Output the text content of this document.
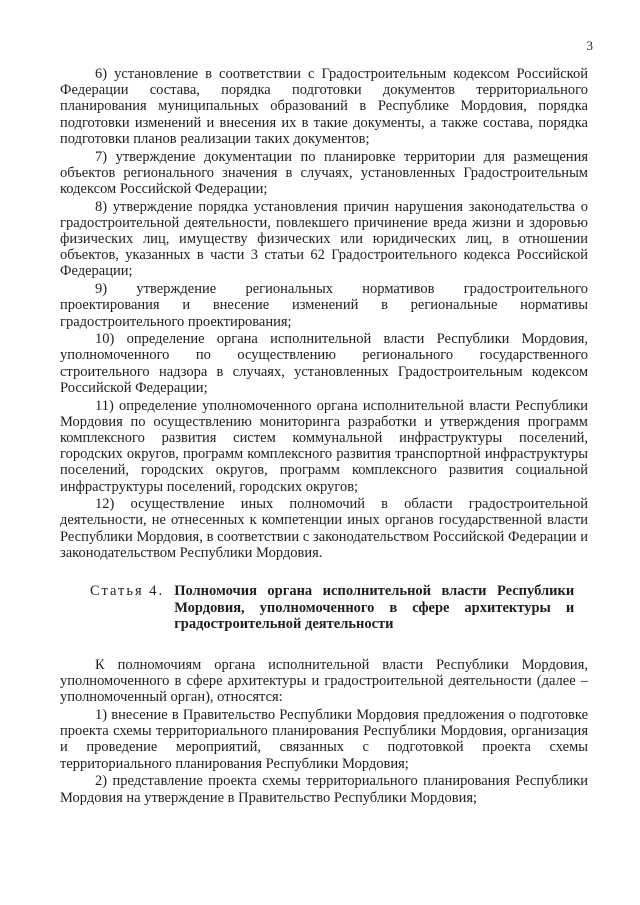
3

6) установление в соответствии с Градостроительным кодексом Российской Федерации состава, порядка подготовки документов территориального планирования муниципальных образований в Республике Мордовия, порядка подготовки изменений и внесения их в такие документы, а также состава, порядка подготовки планов реализации таких документов;

7) утверждение документации по планировке территории для размещения объектов регионального значения в случаях, установленных Градостроительным кодексом Российской Федерации;

8) утверждение порядка установления причин нарушения законодательства о градостроительной деятельности, повлекшего причинение вреда жизни и здоровью физических лиц, имуществу физических или юридических лиц, в отношении объектов, указанных в части 3 статьи 62 Градостроительного кодекса Российской Федерации;

9) утверждение региональных нормативов градостроительного проектирования и внесение изменений в региональные нормативы градостроительного проектирования;

10) определение органа исполнительной власти Республики Мордовия, уполномоченного по осуществлению регионального государственного строительного надзора в случаях, установленных Градостроительным кодексом Российской Федерации;

11) определение уполномоченного органа исполнительной власти Республики Мордовия по осуществлению мониторинга разработки и утверждения программ комплексного развития систем коммунальной инфраструктуры поселений, городских округов, программ комплексного развития транспортной инфраструктуры поселений, городских округов, программ комплексного развития социальной инфраструктуры поселений, городских округов;

12) осуществление иных полномочий в области градостроительной деятельности, не отнесенных к компетенции иных органов государственной власти Республики Мордовия, в соответствии с законодательством Российской Федерации и законодательством Республики Мордовия.

Статья 4. Полномочия органа исполнительной власти Республики Мордовия, уполномоченного в сфере архитектуры и градостроительной деятельности

К полномочиям органа исполнительной власти Республики Мордовия, уполномоченного в сфере архитектуры и градостроительной деятельности (далее – уполномоченный орган), относятся:

1) внесение в Правительство Республики Мордовия предложения о подготовке проекта схемы территориального планирования Республики Мордовия, организация и проведение мероприятий, связанных с подготовкой проекта схемы территориального планирования Республики Мордовия;

2) представление проекта схемы территориального планирования Республики Мордовия на утверждение в Правительство Республики Мордовия;
